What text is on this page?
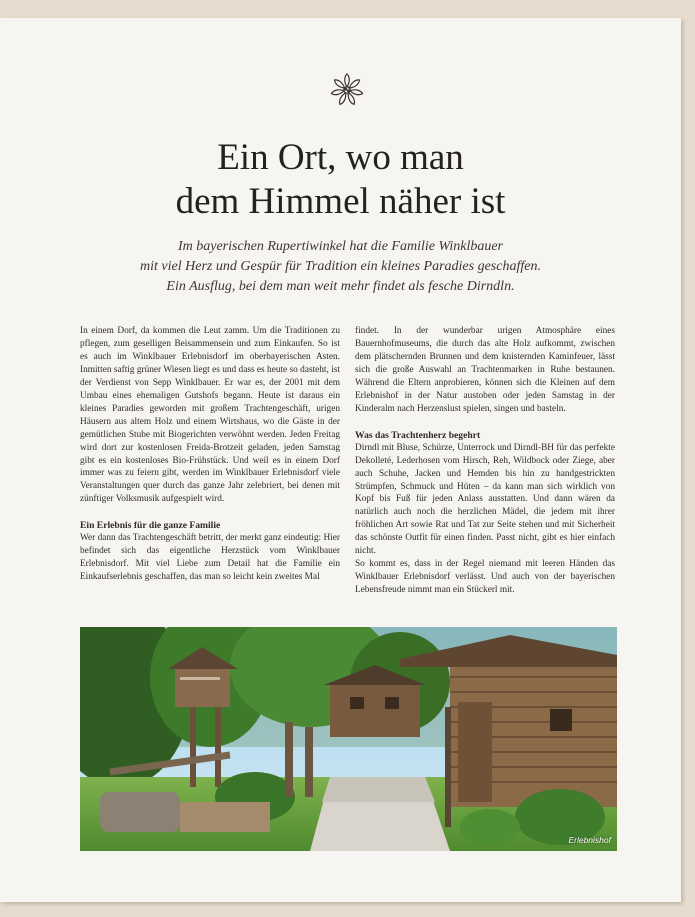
Ein Ort, wo man
dem Himmel näher ist
Im bayerischen Rupertiwinkel hat die Familie Winklbauer
mit viel Herz und Gespür für Tradition ein kleines Paradies geschaffen.
Ein Ausflug, bei dem man weit mehr findet als fesche Dirndln.

In einem Dorf, da kommen die Leut zamm. Um die Traditionen zu pflegen, zum geselligen Beisammensein und zum Einkaufen. So ist es auch im Winklbauer Erlebnisdorf im oberbayerischen Asten. Inmitten saftig grüner Wiesen liegt es und dass es heute so dasteht, ist der Verdienst von Sepp Winklbauer. Er war es, der 2001 mit dem Umbau eines ehemaligen Gutshofs begann. Heute ist daraus ein kleines Paradies geworden mit großem Trachtengeschäft, urigen Häusern aus altem Holz und einem Wirtshaus, wo die Gäste in der gemütlichen Stube mit Biogerichten verwöhnt werden. Jeden Freitag wird dort zur kostenlosen Freida-Brotzeit geladen, jeden Samstag gibt es ein kostenloses Bio-Frühstück. Und weil es in einem Dorf immer was zu feiern gibt, werden im Winklbauer Erlebnisdorf viele Veranstaltungen quer durch das ganze Jahr zelebriert, bei denen mit zünftiger Volksmusik aufgespielt wird.

Ein Erlebnis für die ganze Familie

Wer dann das Trachtengeschäft betritt, der merkt ganz eindeutig: Hier befindet sich das eigentliche Herzstück vom Winklbauer Erlebnisdorf. Mit viel Liebe zum Detail hat die Familie ein Einkaufserlebnis geschaffen, das man so leicht kein zweites Mal

findet. In der wunderbar urigen Atmosphäre eines Bauernhofmuseums, die durch das alte Holz aufkommt, zwischen dem plätschernden Brunnen und dem knisternden Kaminfeuer, lässt sich die große Auswahl an Trachtenmarken in Ruhe bestaunen. Während die Eltern anprobieren, können sich die Kleinen auf dem Erlebnishof in der Natur austoben oder jeden Samstag in der Kinderalm nach Herzenslust spielen, singen und basteln.

Was das Trachtenherz begehrt

Dirndl mit Bluse, Schürze, Unterrock und Dirndl-BH für das perfekte Dekolleté, Lederhosen vom Hirsch, Reh, Wildbock oder Ziege, aber auch Schuhe, Jacken und Hemden bis hin zu handgestrickten Strümpfen, Schmuck und Hüten – da kann man sich wirklich von Kopf bis Fuß für jeden Anlass ausstatten. Und dann wären da natürlich auch noch die herzlichen Mädel, die jedem mit ihrer fröhlichen Art sowie Rat und Tat zur Seite stehen und mit Sicherheit das schönste Outfit für einen finden. Passt nicht, gibt es hier einfach nicht.

So kommt es, dass in der Regel niemand mit leeren Händen das Winklbauer Erlebnisdorf verlässt. Und auch von der bayerischen Lebensfreude nimmt man ein Stückerl mit.

Erlebnishof
